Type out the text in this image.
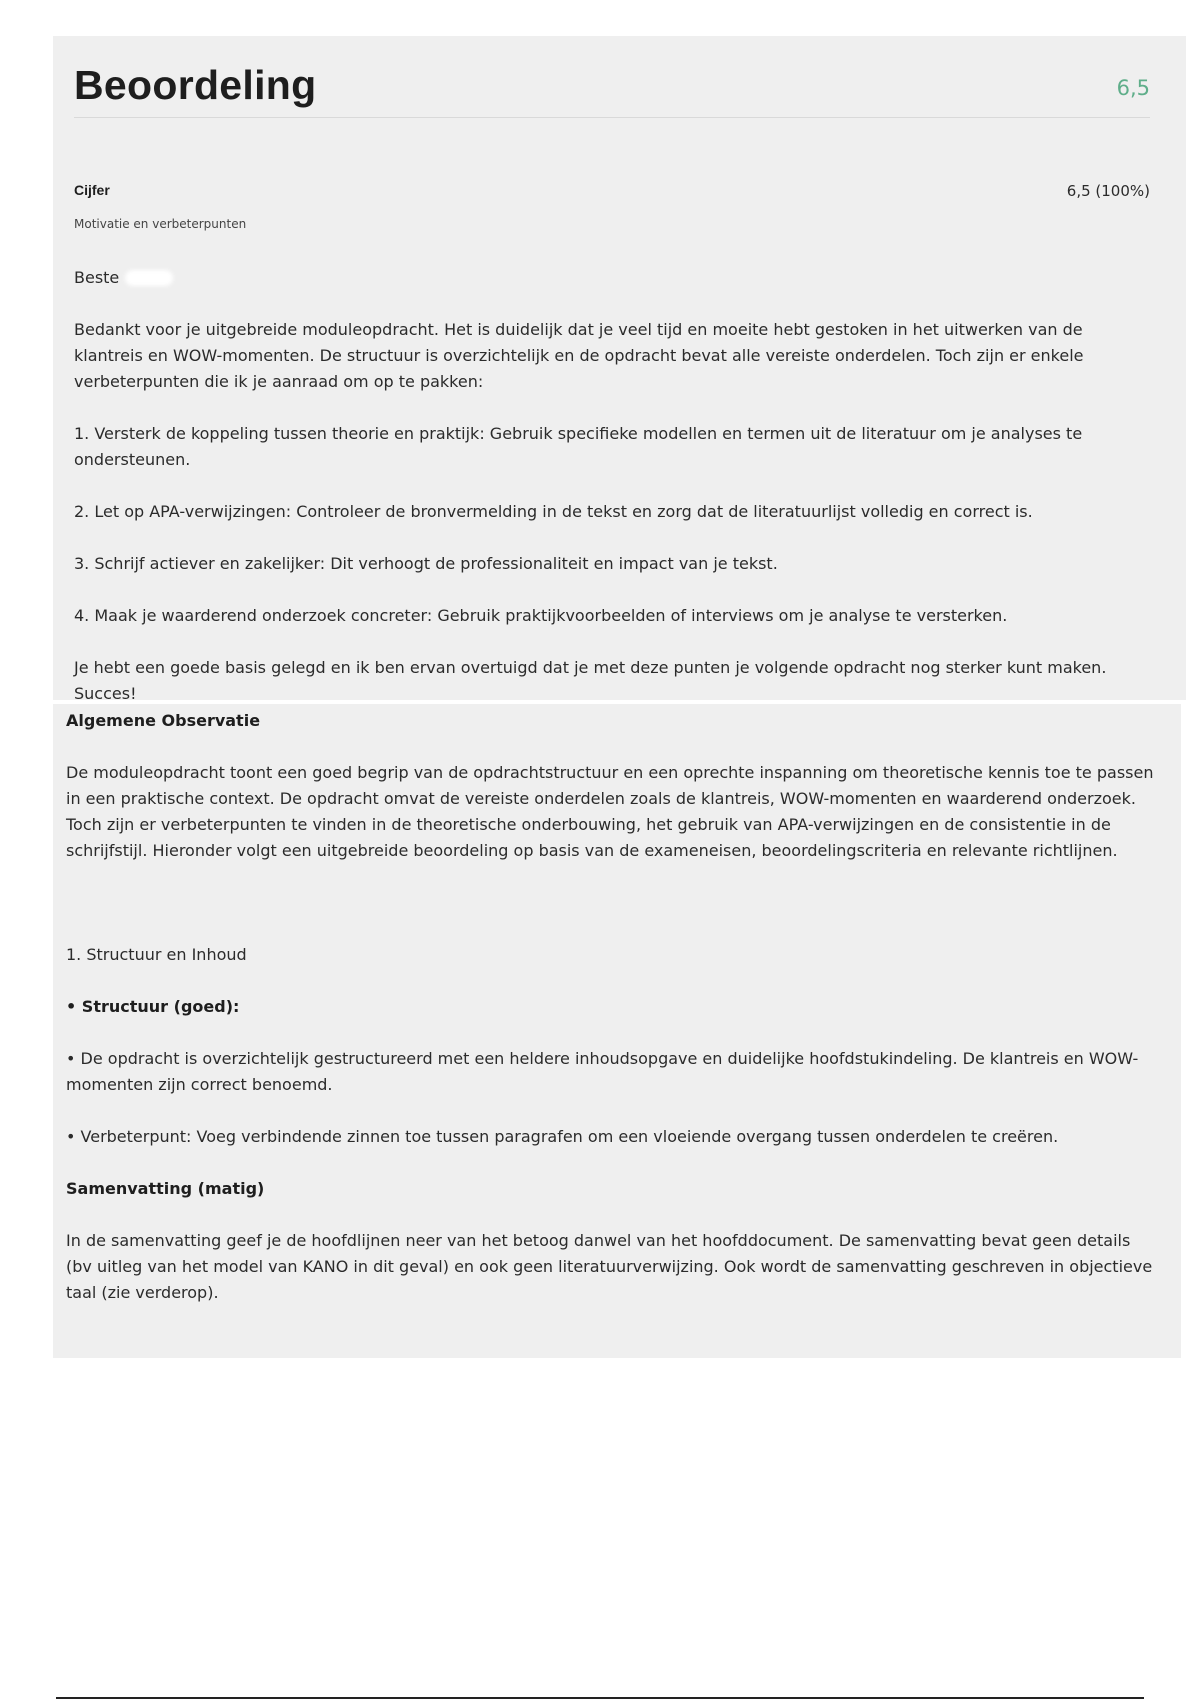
Beoordeling	6,5
Cijfer	6,5 (100%)
Motivatie en verbeterpunten

Beste

Bedankt voor je uitgebreide moduleopdracht. Het is duidelijk dat je veel tijd en moeite hebt gestoken in het uitwerken van de klantreis en WOW-momenten. De structuur is overzichtelijk en de opdracht bevat alle vereiste onderdelen. Toch zijn er enkele verbeterpunten die ik je aanraad om op te pakken:

1. Versterk de koppeling tussen theorie en praktijk: Gebruik specifieke modellen en termen uit de literatuur om je analyses te ondersteunen.

2. Let op APA-verwijzingen: Controleer de bronvermelding in de tekst en zorg dat de literatuurlijst volledig en correct is.

3. Schrijf actiever en zakelijker: Dit verhoogt de professionaliteit en impact van je tekst.

4. Maak je waarderend onderzoek concreter: Gebruik praktijkvoorbeelden of interviews om je analyse te versterken.

Je hebt een goede basis gelegd en ik ben ervan overtuigd dat je met deze punten je volgende opdracht nog sterker kunt maken.

Succes!

Algemene Observatie

De moduleopdracht toont een goed begrip van de opdrachtstructuur en een oprechte inspanning om theoretische kennis toe te passen in een praktische context. De opdracht omvat de vereiste onderdelen zoals de klantreis, WOW-momenten en waarderend onderzoek. Toch zijn er verbeterpunten te vinden in de theoretische onderbouwing, het gebruik van APA-verwijzingen en de consistentie in de schrijfstijl. Hieronder volgt een uitgebreide beoordeling op basis van de exameneisen, beoordelingscriteria en relevante richtlijnen.

1. Structuur en Inhoud

• Structuur (goed):

• De opdracht is overzichtelijk gestructureerd met een heldere inhoudsopgave en duidelijke hoofdstukindeling. De klantreis en WOW-momenten zijn correct benoemd.

• Verbeterpunt: Voeg verbindende zinnen toe tussen paragrafen om een vloeiende overgang tussen onderdelen te creëren.

Samenvatting (matig)

In de samenvatting geef je de hoofdlijnen neer van het betoog danwel van het hoofddocument. De samenvatting bevat geen details (bv uitleg van het model van KANO in dit geval) en ook geen literatuurverwijzing. Ook wordt de samenvatting geschreven in objectieve taal (zie verderop).
